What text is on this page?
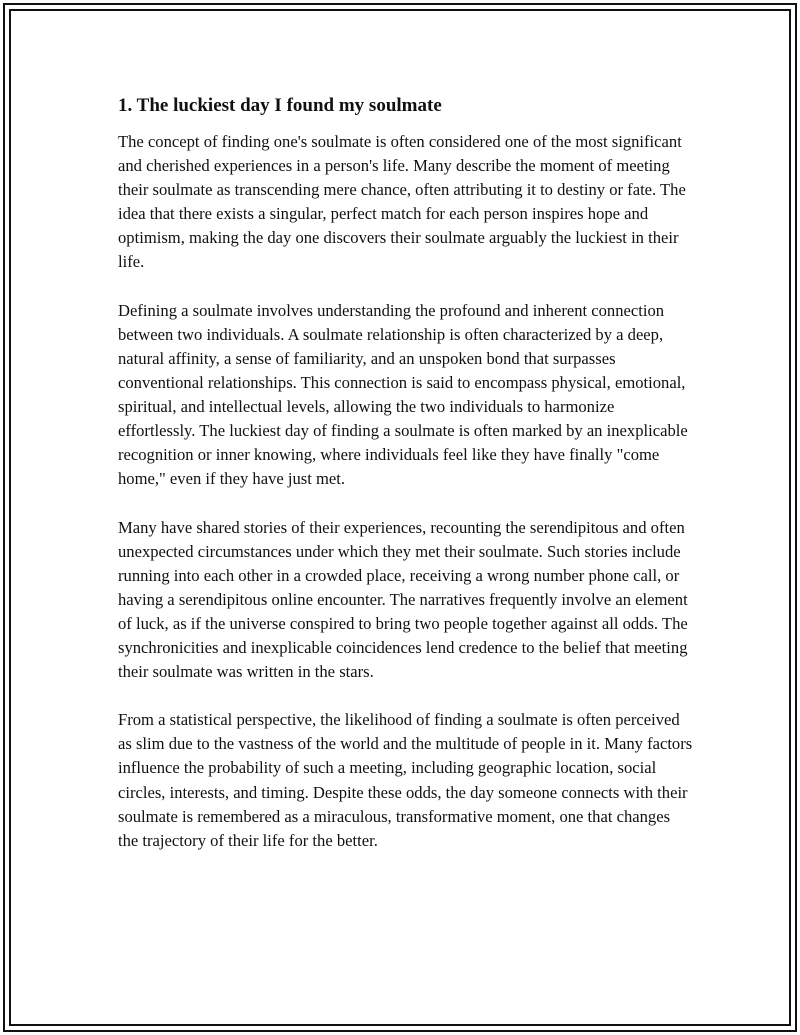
1. The luckiest day I found my soulmate

The concept of finding one's soulmate is often considered one of the most significant and cherished experiences in a person's life. Many describe the moment of meeting their soulmate as transcending mere chance, often attributing it to destiny or fate. The idea that there exists a singular, perfect match for each person inspires hope and optimism, making the day one discovers their soulmate arguably the luckiest in their life.

Defining a soulmate involves understanding the profound and inherent connection between two individuals. A soulmate relationship is often characterized by a deep, natural affinity, a sense of familiarity, and an unspoken bond that surpasses conventional relationships. This connection is said to encompass physical, emotional, spiritual, and intellectual levels, allowing the two individuals to harmonize effortlessly. The luckiest day of finding a soulmate is often marked by an inexplicable recognition or inner knowing, where individuals feel like they have finally "come home," even if they have just met.

Many have shared stories of their experiences, recounting the serendipitous and often unexpected circumstances under which they met their soulmate. Such stories include running into each other in a crowded place, receiving a wrong number phone call, or having a serendipitous online encounter. The narratives frequently involve an element of luck, as if the universe conspired to bring two people together against all odds. The synchronicities and inexplicable coincidences lend credence to the belief that meeting their soulmate was written in the stars.

From a statistical perspective, the likelihood of finding a soulmate is often perceived as slim due to the vastness of the world and the multitude of people in it. Many factors influence the probability of such a meeting, including geographic location, social circles, interests, and timing. Despite these odds, the day someone connects with their soulmate is remembered as a miraculous, transformative moment, one that changes the trajectory of their life for the better.
